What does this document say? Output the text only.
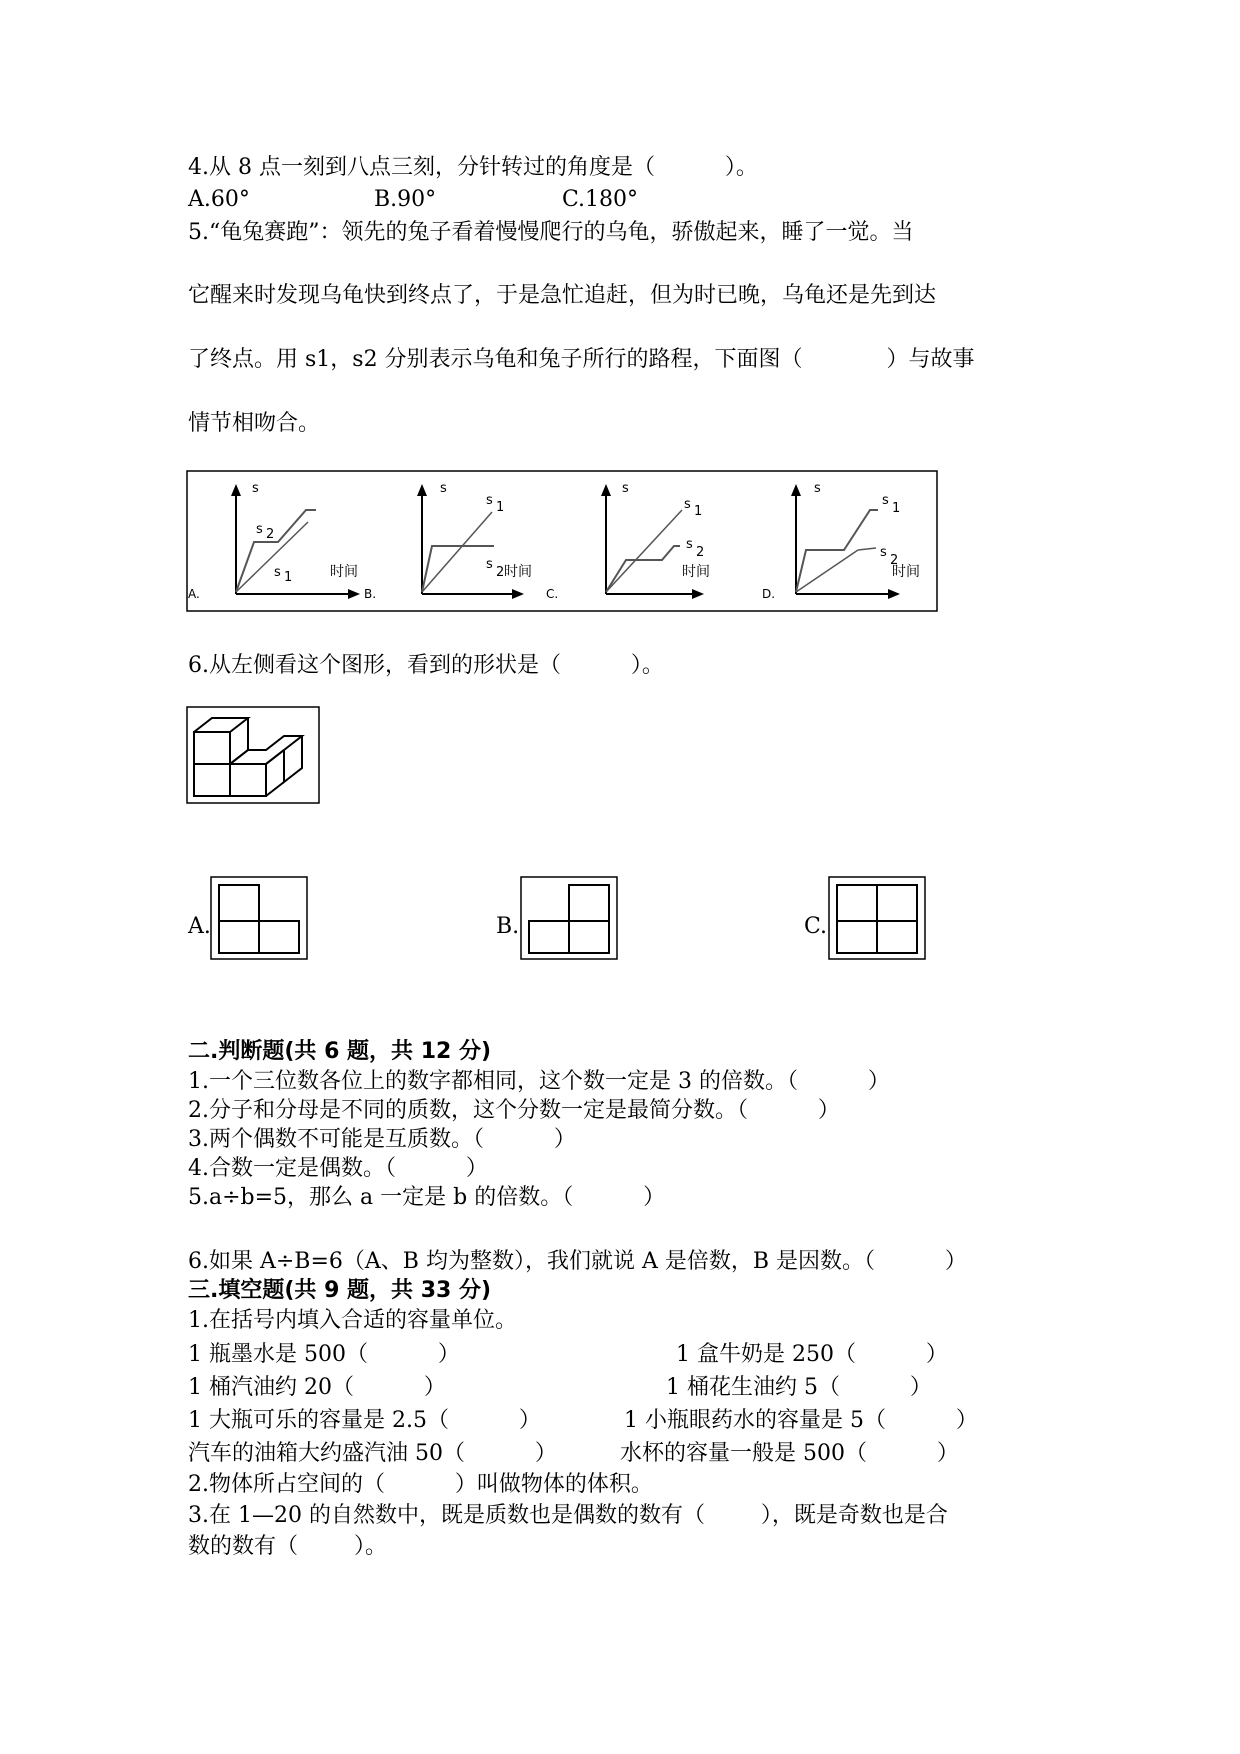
4.从 8 点一刻到八点三刻，分针转过的角度是（          ）。
A.60°	B.90°	C.180°
5.“龟兔赛跑”：领先的兔子看着慢慢爬行的乌龟，骄傲起来，睡了一觉。当
它醒来时发现乌龟快到终点了，于是急忙追赶，但为时已晚，乌龟还是先到达
了终点。用 s1，s2 分别表示乌龟和兔子所行的路程，下面图（            ）与故事
情节相吻合。
A.
s
s 2
s 1	时间
B.
s
s 1
s
2 时间
C.
s
s 1
s
2
时间
D.
s
s
1
s
2
时间
6.从左侧看这个图形，看到的形状是（          ）。
A.	B.	C.
二.判断题(共 6 题，共 12 分)
1.一个三位数各位上的数字都相同，这个数一定是 3 的倍数。（          ）
2.分子和分母是不同的质数，这个分数一定是最简分数。（          ）
3.两个偶数不可能是互质数。（          ）
4.合数一定是偶数。（          ）
5.a÷b=5，那么 a 一定是 b 的倍数。（          ）
6.如果 A÷B=6（A、B 均为整数），我们就说 A 是倍数，B 是因数。（          ）
三.填空题(共 9 题，共 33 分)
1.在括号内填入合适的容量单位。
1 瓶墨水是 500（          ）	1 盒牛奶是 250（          ）
1 桶汽油约 20（          ）	1 桶花生油约 5（          ）
1 大瓶可乐的容量是 2.5（          ）	1 小瓶眼药水的容量是 5（          ）
汽车的油箱大约盛汽油 50（          ）	水杯的容量一般是 500（          ）
2.物体所占空间的（          ）叫做物体的体积。
3.在 1—20 的自然数中，既是质数也是偶数的数有（        ），既是奇数也是合
数的数有（        ）。
